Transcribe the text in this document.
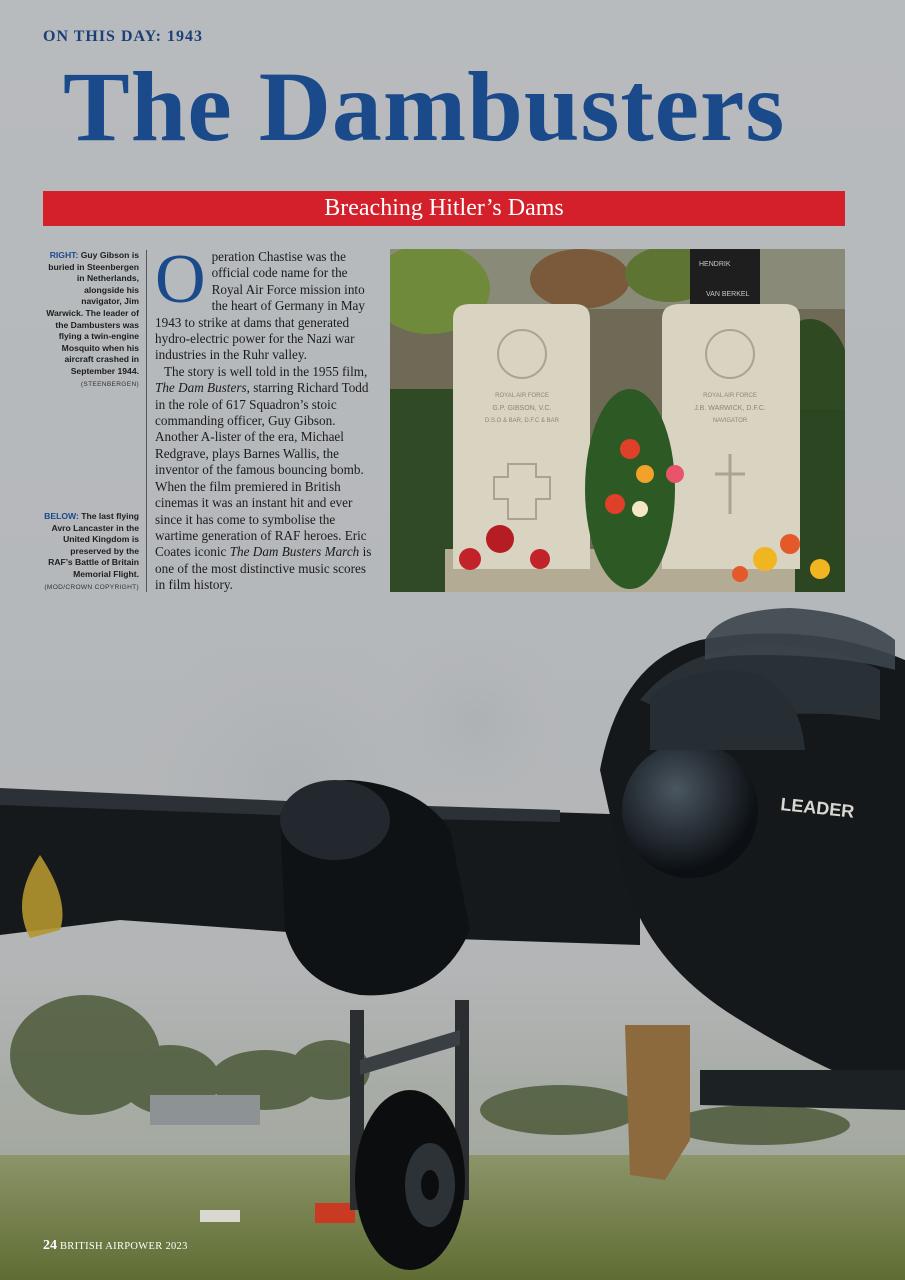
LEADER
ON THIS DAY: 1943
The Dambusters
Breaching Hitler’s Dams
RIGHT: Guy Gibson is buried in Steenbergen in Netherlands, alongside his navigator, Jim Warwick. The leader of the Dambusters was flying a twin-engine Mosquito when his aircraft crashed in September 1944.
(STEENBERGEN)
BELOW: The last flying Avro Lancaster in the United Kingdom is preserved by the RAF’s Battle of Britain Memorial Flight.
(MOD/CROWN COPYRIGHT)

Operation Chastise was the official code name for the Royal Air Force mission into the heart of Germany in May 1943 to strike at dams that generated hydro-electric power for the Nazi war industries in the Ruhr valley.

The story is well told in the 1955 film, The Dam Busters, starring Richard Todd in the role of 617 Squadron’s stoic commanding officer, Guy Gibson. Another A-lister of the era, Michael Redgrave, plays Barnes Wallis, the inventor of the famous bouncing bomb. When the film premiered in British cinemas it was an instant hit and ever since it has come to symbolise the wartime generation of RAF heroes. Eric Coates iconic The Dam Busters March is one of the most distinctive music scores in film history.

HENDRIK
VAN BERKEL
ROYAL AIR FORCE
G.P. GIBSON, V.C.
D.S.O & BAR, D.F.C & BAR
ROYAL AIR FORCE
J.B. WARWICK, D.F.C.
NAVIGATOR
24 BRITISH AIRPOWER 2023
